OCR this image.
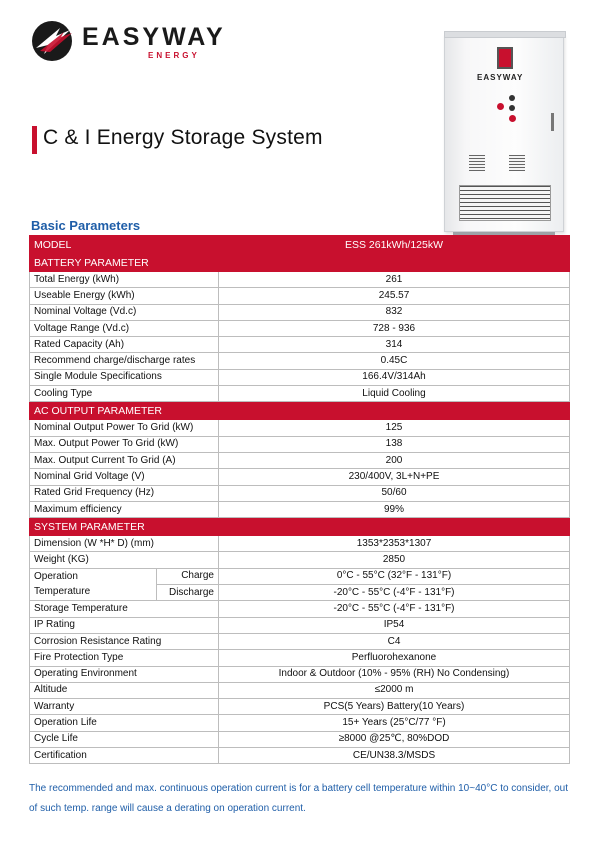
EASYWAY
ENERGY
C & I Energy Storage System
EASYWAY
Basic Parameters
MODEL		ESS 261kWh/125kW
BATTERY PARAMETER		
Total Energy (kWh)		261
Useable Energy (kWh)		245.57
Nominal Voltage (Vd.c)		832
Voltage Range (Vd.c)		728 - 936
Rated Capacity (Ah)		314
Recommend charge/discharge rates		0.45C
Single Module Specifications		166.4V/314Ah
Cooling Type		Liquid Cooling
AC OUTPUT PARAMETER		
Nominal Output Power To Grid (kW)		125
Max. Output Power To Grid (kW)		138
Max. Output Current To Grid (A)		200
Nominal Grid Voltage (V)		230/400V, 3L+N+PE
Rated Grid Frequency (Hz)		50/60
Maximum efficiency		99%
SYSTEM PARAMETER		
Dimension (W *H* D) (mm)		1353*2353*1307
Weight (KG)		2850
Operation	Charge	0°C - 55°C (32°F - 131°F)
Temperature	Discharge	-20°C - 55°C (-4°F - 131°F)
Storage Temperature		-20°C - 55°C (-4°F - 131°F)
IP Rating		IP54
Corrosion Resistance Rating		C4
Fire Protection Type		Perfluorohexanone
Operating Environment		Indoor & Outdoor (10% - 95% (RH) No Condensing)
Altitude		≤2000 m
Warranty		PCS(5 Years) Battery(10 Years)
Operation Life		15+ Years (25°C/77 °F)
Cycle Life		≥8000 @25℃, 80%DOD
Certification		CE/UN38.3/MSDS
The recommended and max. continuous operation current is for a battery cell temperature within 10~40°C to consider, out of such temp. range will cause a derating on operation current.
